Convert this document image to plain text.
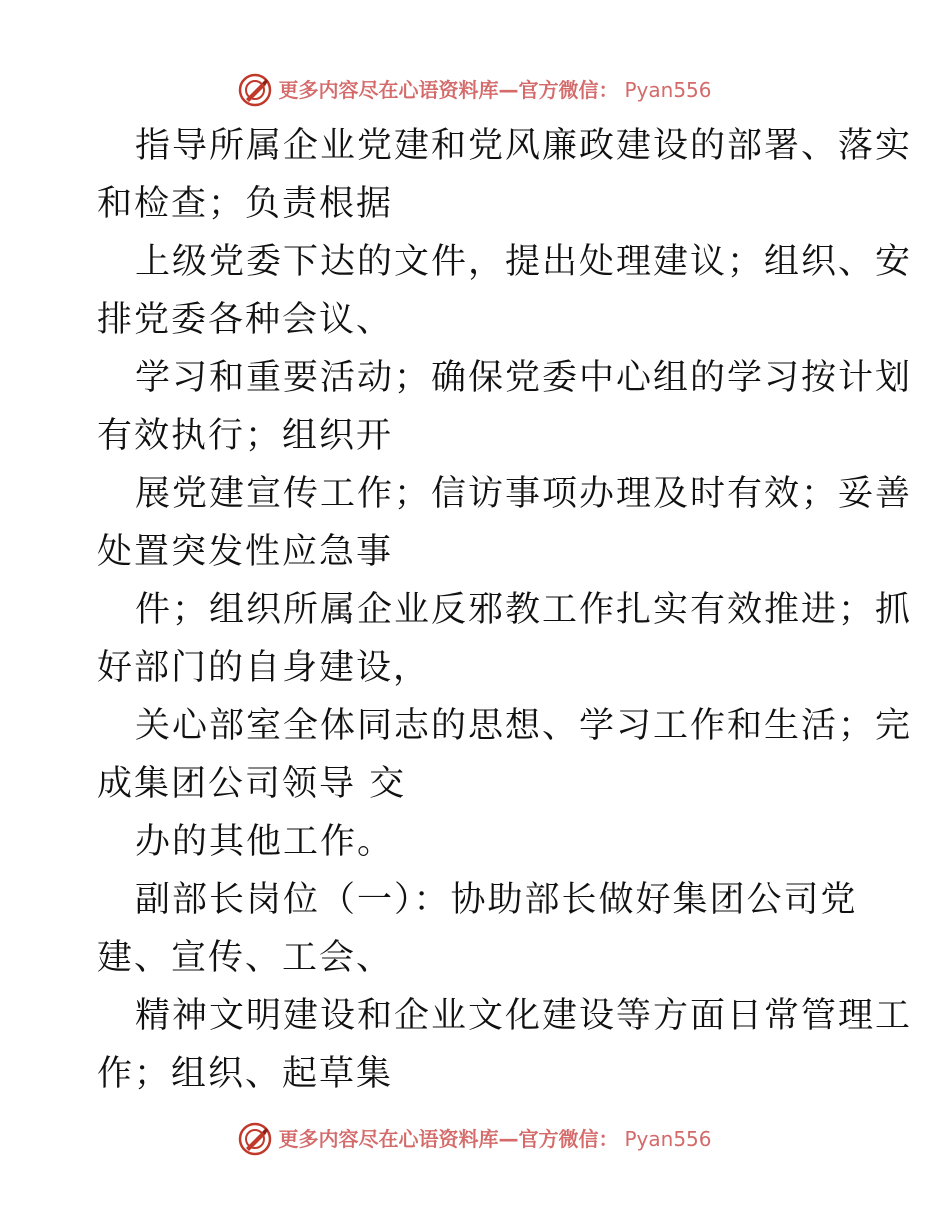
更多内容尽在心语资料库—官方微信： Pyan556
指导所属企业党建和党风廉政建设的部署、落实
和检查；负责根据
上级党委下达的文件，提出处理建议；组织、安
排党委各种会议、
学习和重要活动；确保党委中心组的学习按计划
有效执行；组织开
展党建宣传工作；信访事项办理及时有效；妥善
处置突发性应急事
件；组织所属企业反邪教工作扎实有效推进；抓
好部门的自身建设，
关心部室全体同志的思想、学习工作和生活；完
成集团公司领导 交
办的其他工作。
副部长岗位（一）：协助部长做好集团公司党
建、宣传、工会、
精神文明建设和企业文化建设等方面日常管理工
作；组织、起草集
更多内容尽在心语资料库—官方微信： Pyan556
